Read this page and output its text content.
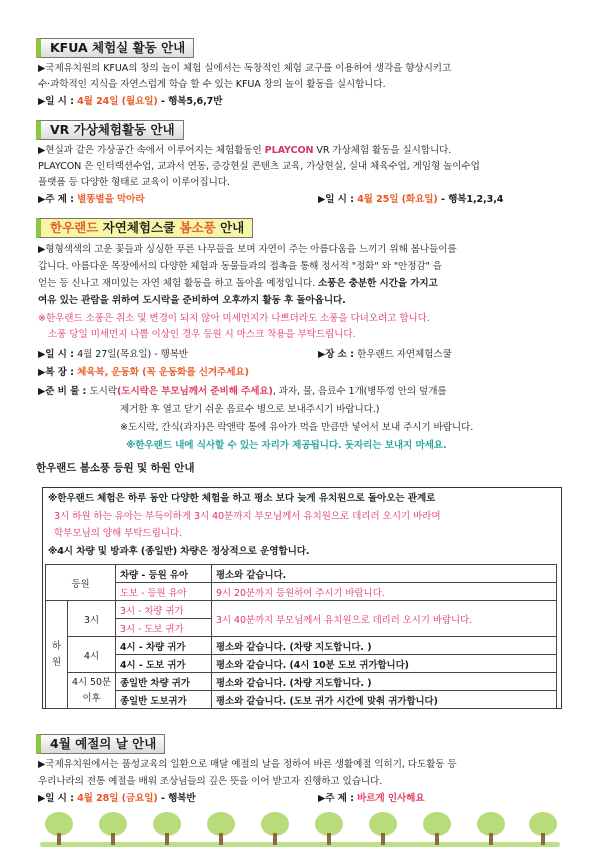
KFUA 체험실 활동 안내
▶국제유치원의 KFUA의 창의 놀이 체험 실에서는 독창적인 체험 교구를 이용하여 생각을 향상시키고
수·과학적인 지식을 자연스럽게 학습 할 수 있는 KFUA 창의 놀이 활동을 실시합니다.
▶일 시 : 4월 24일 (월요일) - 행복5,6,7반
VR 가상체험활동 안내
▶현실과 같은 가상공간 속에서 이루어지는 체험활동인 PLAYCON VR 가상체험 활동을 실시합니다.
PLAYCON 은 인터랙션수업, 교과서 연동, 증강현실 콘텐츠 교육, 가상현실, 실내 체육수업, 게임형 놀이수업
플랫폼 등 다양한 형태로 교육이 이루어집니다.
▶주 제 : 별똥별을 막아라	▶일 시 : 4월 25일 (화요일) - 행복1,2,3,4
한우랜드 자연체험스쿨 봄소풍 안내
▶형형색색의 고운 꽃들과 싱싱한 푸른 나무들을 보며 자연이 주는 아름다움을 느끼기 위해 봄나들이를
갑니다. 아름다운 목장에서의 다양한 체험과 동물들과의 접촉을 통해 정서적 "정화" 와 "안정감" 을
얻는 등 신나고 재미있는 자연 체험 활동을 하고 돌아올 예정입니다. 소풍은 충분한 시간을 가지고
여유 있는 관람을 위하여 도시락을 준비하여 오후까지 활동 후 돌아옵니다.
※한우랜드 소풍은 취소 및 변경이 되지 않아 미세먼지가 나쁘더라도 소풍을 다녀오려고 합니다.
소풍 당일 미세먼지 나쁨 이상인 경우 등원 시 마스크 착용을 부탁드립니다.
▶일 시 : 4월 27일(목요일) - 행복반	▶장 소 : 한우랜드 자연체험스쿨
▶복 장 : 체육복, 운동화 (꼭 운동화를 신겨주세요)
▶준 비 물 : 도시락(도시락은 부모님께서 준비해 주세요), 과자, 물, 음료수 1개(병뚜껑 안의 덮개를
제거한 후 열고 닫기 쉬운 음료수 병으로 보내주시기 바랍니다.)
※도시락, 간식(과자)은 락앤락 통에 유아가 먹을 만큼만 넣어서 보내 주시기 바랍니다.
※한우랜드 내에 식사할 수 있는 자리가 제공됩니다. 돗자리는 보내지 마세요.
한우랜드 봄소풍 등원 및 하원 안내
※한우랜드 체험은 하루 동안 다양한 체험을 하고 평소 보다 늦게 유치원으로 돌아오는 관계로
3시 하원 하는 유아는 부득이하게 3시 40분까지 부모님께서 유치원으로 데리러 오시기 바라며
학부모님의 양해 부탁드립니다.
※4시 차량 및 방과후 (종일반) 차량은 정상적으로 운영합니다.
등원		차량 - 등원 유아	평소와 같습니다.
		도보 - 등원 유아	9시 20분까지 등원하여 주시기 바랍니다.
하원	3시	3시 - 차량 귀가	3시 40분까지 부모님께서 유치원으로 데리러 오시기 바랍니다.
		3시 - 도보 귀가	
	4시	4시 - 차량 귀가	평소와 같습니다. (차량 지도합니다. )
		4시 - 도보 귀가	평소와 같습니다. (4시 10분 도보 귀가합니다)
	4시 50분
이후	종일반 차량 귀가	평소와 같습니다. (차량 지도합니다. )
		종일반 도보귀가	평소와 같습니다. (도보 귀가 시간에 맞춰 귀가합니다)
4월 예절의 날 안내
▶국제유치원에서는 품성교육의 일환으로 매달 예절의 날을 정하여 바른 생활예절 익히기, 다도활동 등
우리나라의 전통 예절을 배워 조상님들의 깊은 뜻을 이어 받고자 진행하고 있습니다.
▶일 시 : 4월 28일 (금요일) - 행복반	▶주 제 : 바르게 인사해요
